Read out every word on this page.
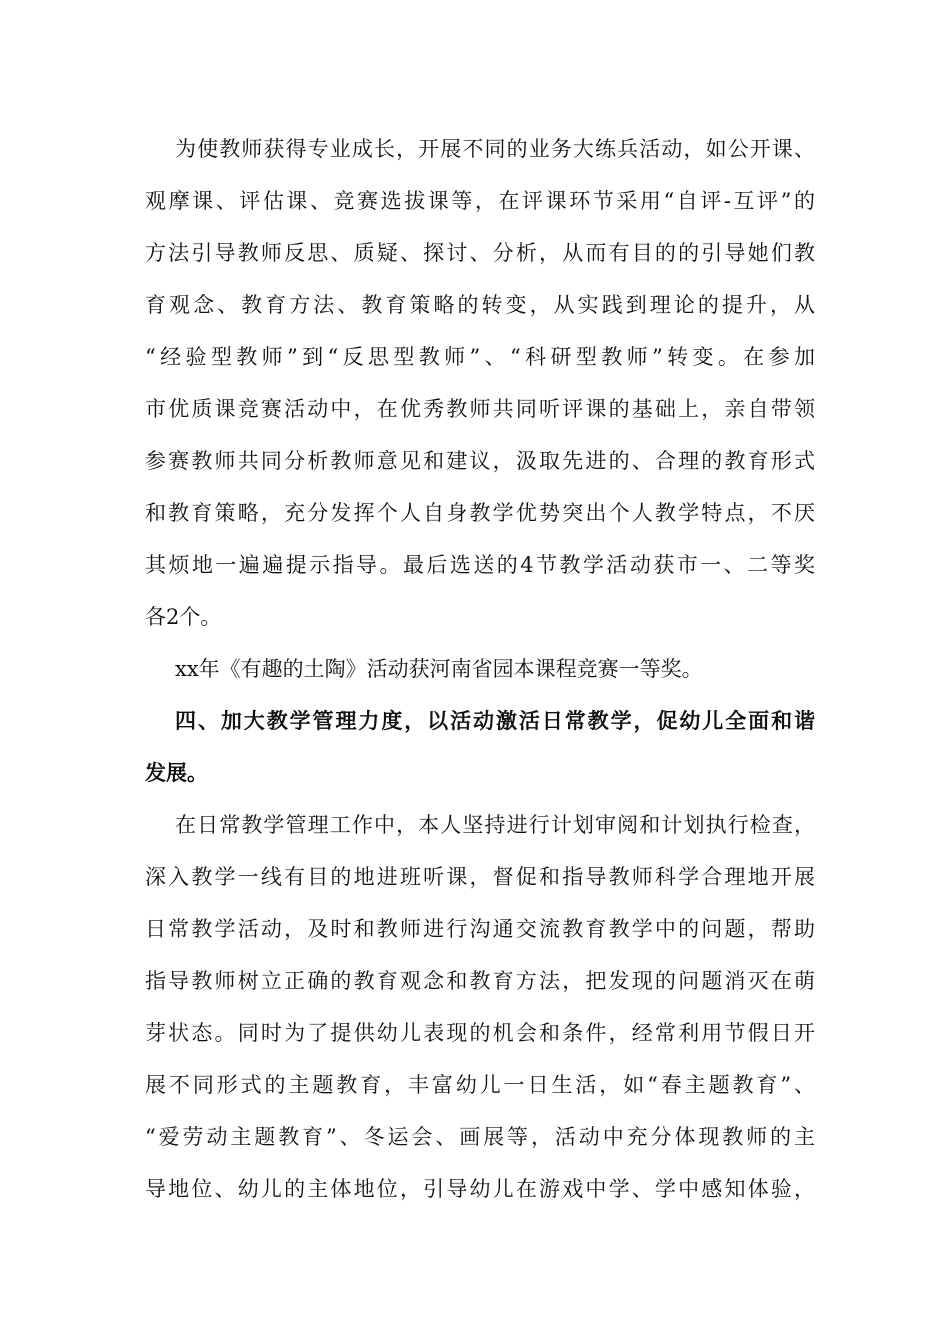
为使教师获得专业成长，开展不同的业务大练兵活动，如公开课、
观摩课、评估课、竞赛选拔课等，在评课环节采用“自评-互评”的
方法引导教师反思、质疑、探讨、分析，从而有目的的引导她们教
育观念、教育方法、教育策略的转变，从实践到理论的提升，从
“经验型教师”到“反思型教师”、“科研型教师”转变。在参加
市优质课竞赛活动中，在优秀教师共同听评课的基础上，亲自带领
参赛教师共同分析教师意见和建议，汲取先进的、合理的教育形式
和教育策略，充分发挥个人自身教学优势突出个人教学特点，不厌
其烦地一遍遍提示指导。最后选送的4节教学活动获市一、二等奖
各2个。
xx年《有趣的土陶》活动获河南省园本课程竞赛一等奖。
四、加大教学管理力度，以活动激活日常教学，促幼儿全面和谐
发展。
在日常教学管理工作中，本人坚持进行计划审阅和计划执行检查，
深入教学一线有目的地进班听课，督促和指导教师科学合理地开展
日常教学活动，及时和教师进行沟通交流教育教学中的问题，帮助
指导教师树立正确的教育观念和教育方法，把发现的问题消灭在萌
芽状态。同时为了提供幼儿表现的机会和条件，经常利用节假日开
展不同形式的主题教育，丰富幼儿一日生活，如“春主题教育”、
“爱劳动主题教育”、冬运会、画展等，活动中充分体现教师的主
导地位、幼儿的主体地位，引导幼儿在游戏中学、学中感知体验，
